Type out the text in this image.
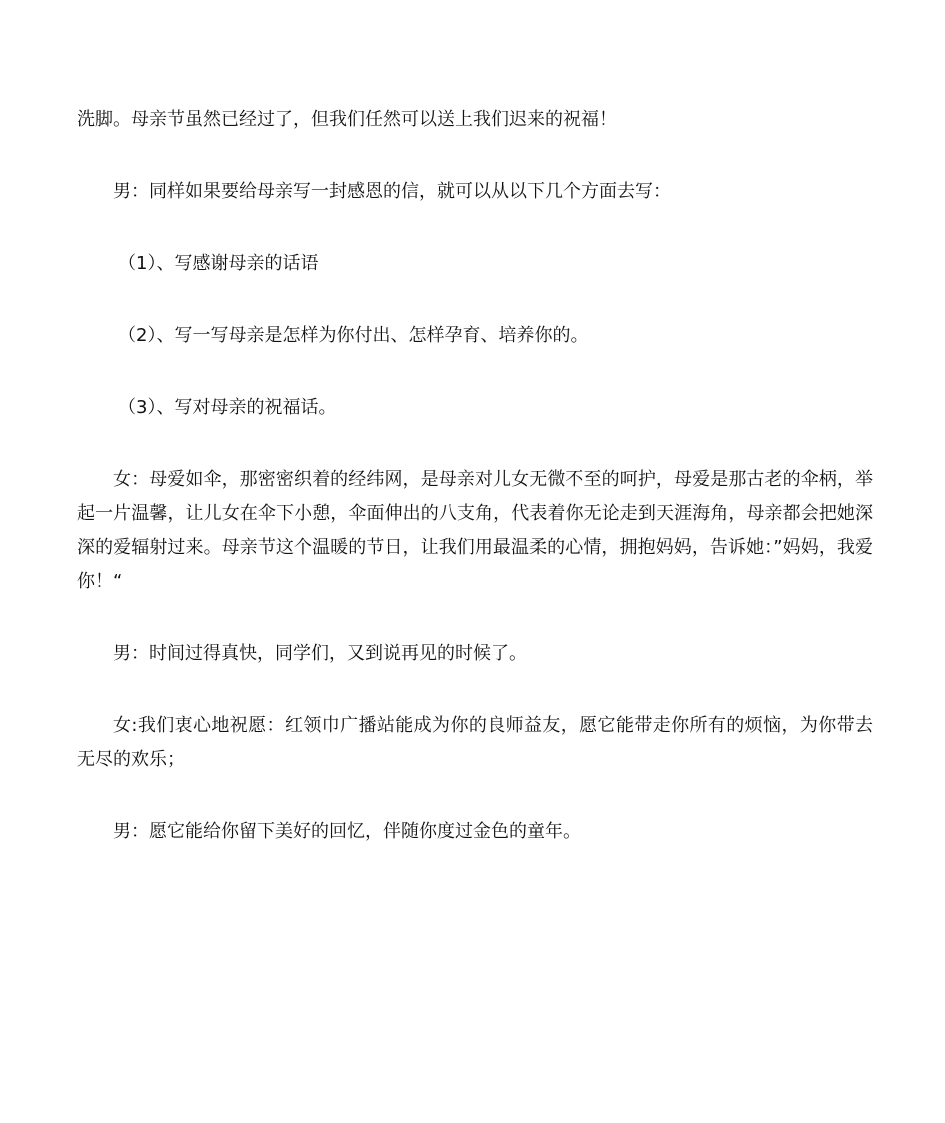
洗脚。母亲节虽然已经过了，但我们任然可以送上我们迟来的祝福！

男：同样如果要给母亲写一封感恩的信，就可以从以下几个方面去写：

（1）、写感谢母亲的话语

（2）、写一写母亲是怎样为你付出、怎样孕育、培养你的。

（3）、写对母亲的祝福话。

女：母爱如伞，那密密织着的经纬网，是母亲对儿女无微不至的呵护，母爱是那古老的伞柄，举起一片温馨，让儿女在伞下小憩，伞面伸出的八支角，代表着你无论走到天涯海角，母亲都会把她深深的爱辐射过来。母亲节这个温暖的节日，让我们用最温柔的心情，拥抱妈妈，告诉她：”妈妈，我爱你！“

男：时间过得真快，同学们，又到说再见的时候了。

女:我们衷心地祝愿：红领巾广播站能成为你的良师益友，愿它能带走你所有的烦恼，为你带去无尽的欢乐；

男：愿它能给你留下美好的回忆，伴随你度过金色的童年。
